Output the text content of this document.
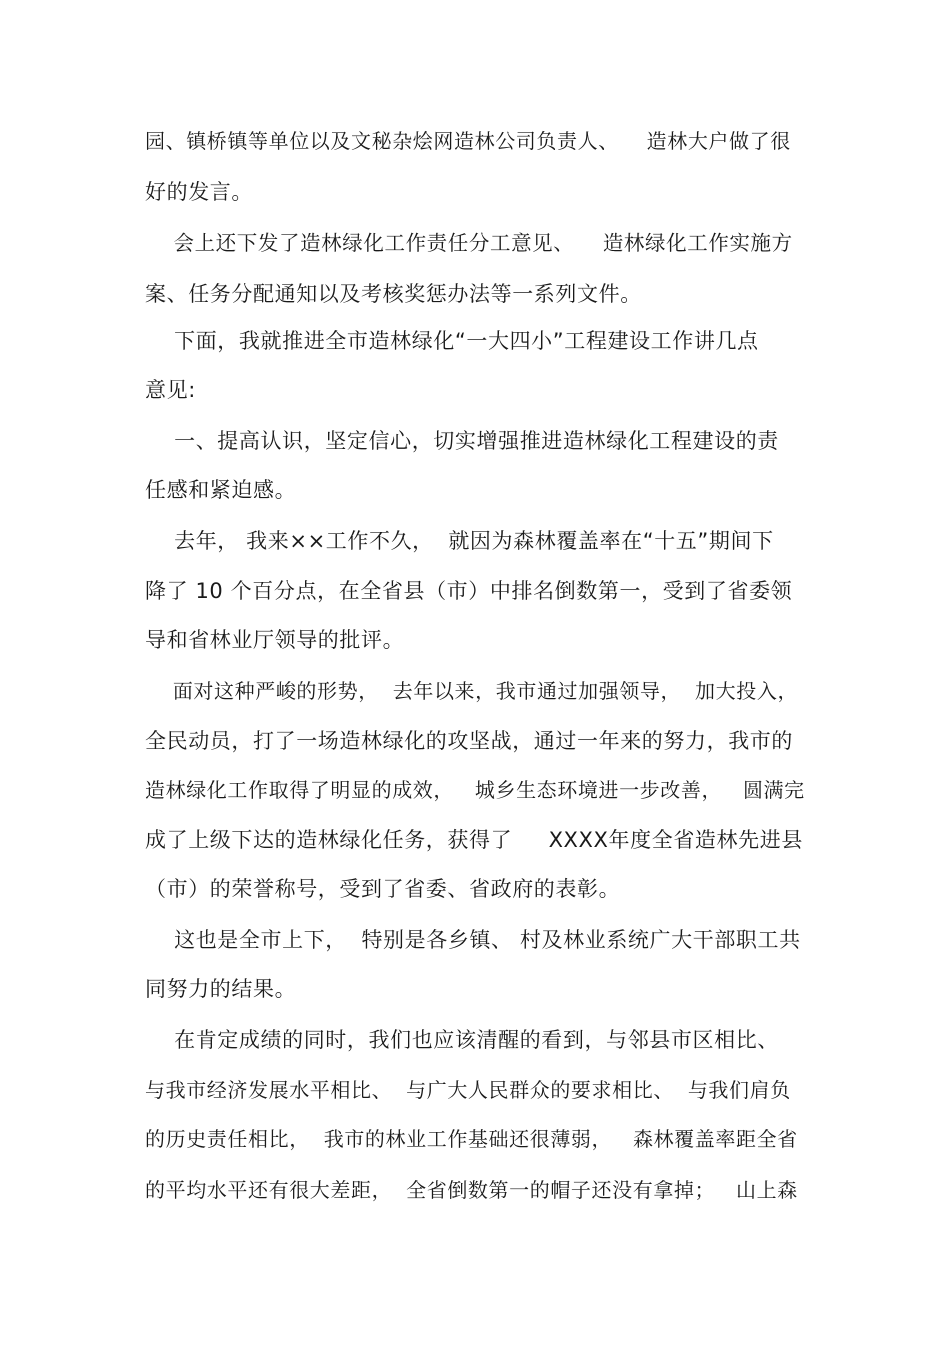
园、镇桥镇等单位以及文秘杂烩网造林公司负责人、    造林大户做了很
好的发言。
会上还下发了造林绿化工作责任分工意见、    造林绿化工作实施方
案、任务分配通知以及考核奖惩办法等一系列文件。
下面，我就推进全市造林绿化“一大四小”工程建设工作讲几点
意见:
一、提高认识，坚定信心，切实增强推进造林绿化工程建设的责
任感和紧迫感。
去年， 我来××工作不久，  就因为森林覆盖率在“十五”期间下
降了 10 个百分点，在全省县（市）中排名倒数第一，受到了省委领
导和省林业厅领导的批评。
面对这种严峻的形势，  去年以来，我市通过加强领导，  加大投入，
全民动员，打了一场造林绿化的攻坚战，通过一年来的努力，我市的
造林绿化工作取得了明显的成效，   城乡生态环境进一步改善，   圆满完
成了上级下达的造林绿化任务，获得了     XXXX年度全省造林先进县
（市）的荣誉称号，受到了省委、省政府的表彰。
这也是全市上下，  特别是各乡镇、 村及林业系统广大干部职工共
同努力的结果。
在肯定成绩的同时，我们也应该清醒的看到，与邻县市区相比、
与我市经济发展水平相比、  与广大人民群众的要求相比、  与我们肩负
的历史责任相比，  我市的林业工作基础还很薄弱，   森林覆盖率距全省
的平均水平还有很大差距，  全省倒数第一的帽子还没有拿掉；   山上森
